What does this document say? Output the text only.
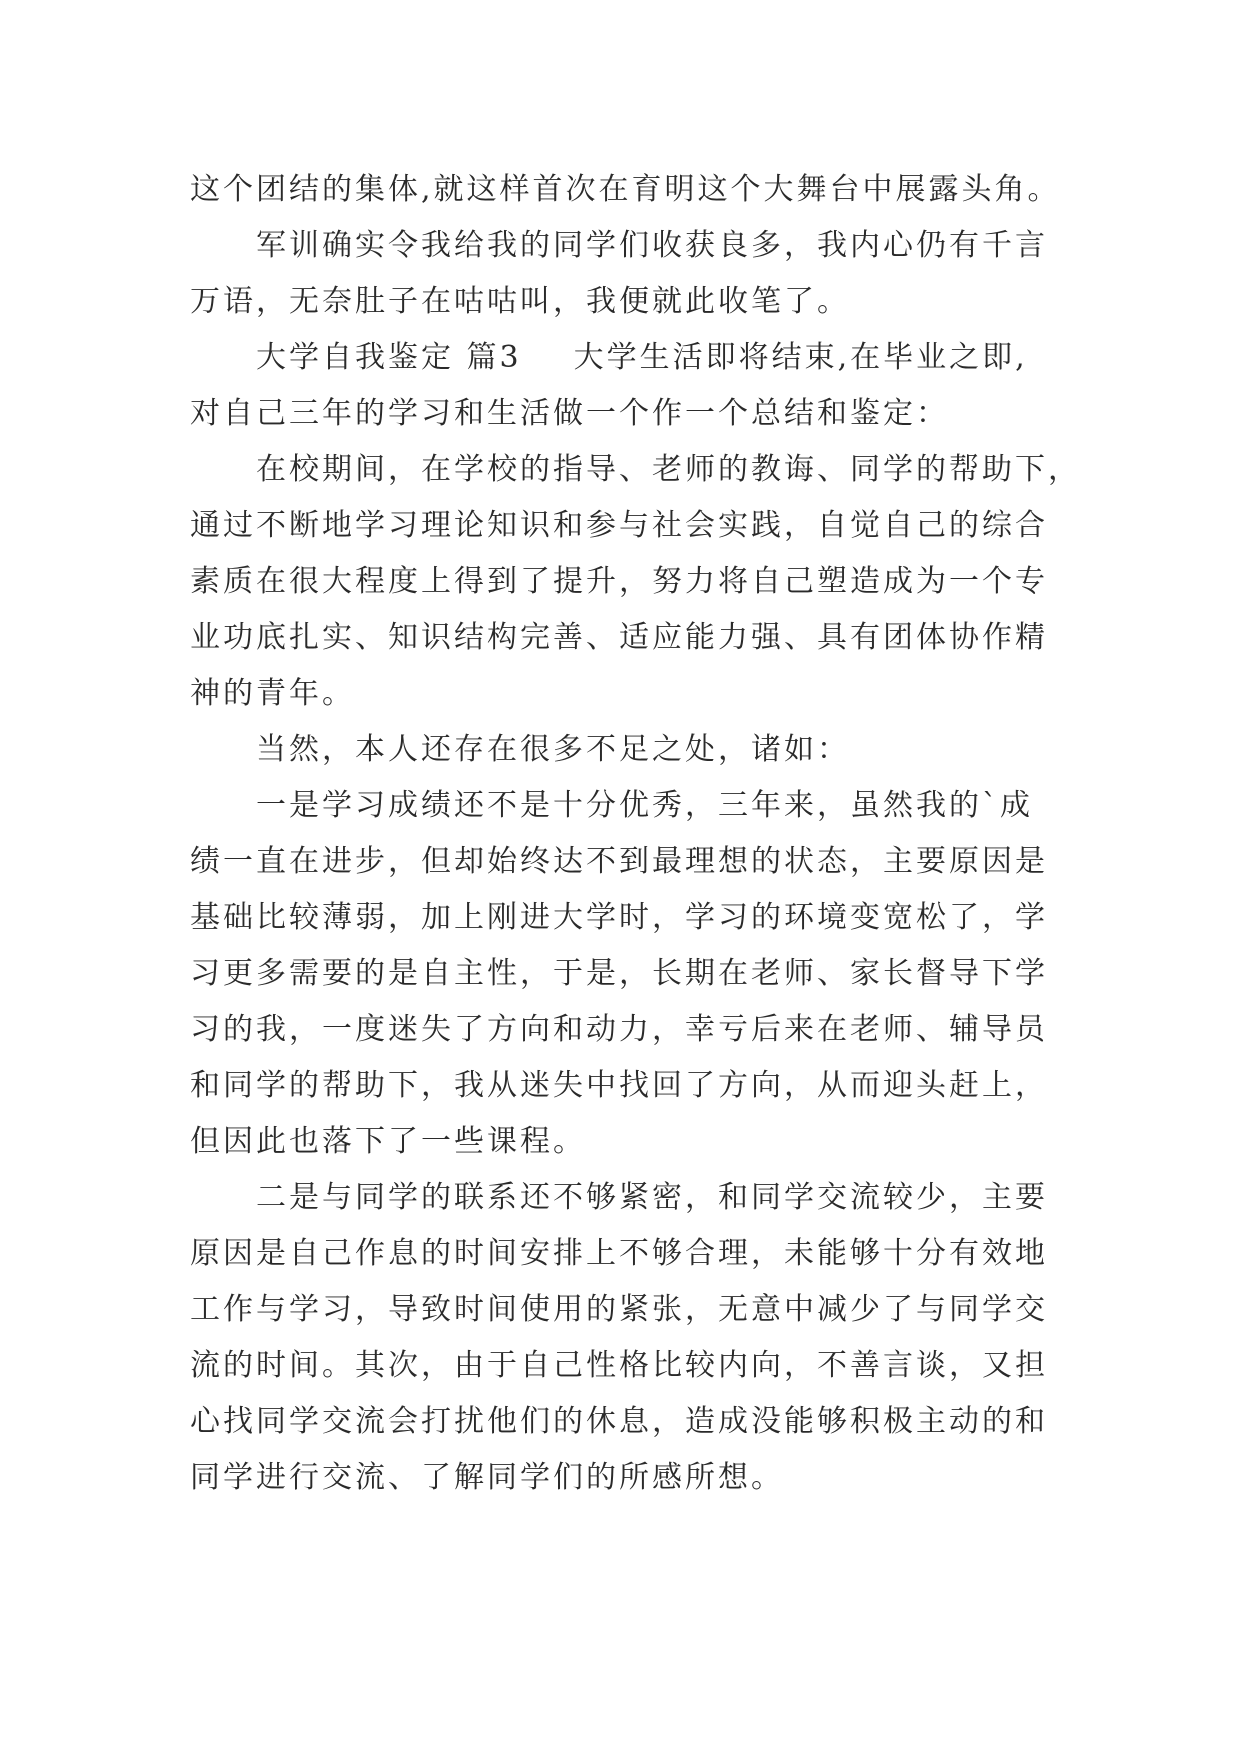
这个团结的集体,就这样首次在育明这个大舞台中展露头角。
军训确实令我给我的同学们收获良多，我内心仍有千言
万语，无奈肚子在咕咕叫，我便就此收笔了。
大学自我鉴定 篇3 大学生活即将结束,在毕业之即,
对自己三年的学习和生活做一个作一个总结和鉴定：
在校期间，在学校的指导、老师的教诲、同学的帮助下，
通过不断地学习理论知识和参与社会实践，自觉自己的综合
素质在很大程度上得到了提升，努力将自己塑造成为一个专
业功底扎实、知识结构完善、适应能力强、具有团体协作精
神的青年。
当然，本人还存在很多不足之处，诸如：
一是学习成绩还不是十分优秀，三年来，虽然我的`成
绩一直在进步，但却始终达不到最理想的状态，主要原因是
基础比较薄弱，加上刚进大学时，学习的环境变宽松了，学
习更多需要的是自主性，于是，长期在老师、家长督导下学
习的我，一度迷失了方向和动力，幸亏后来在老师、辅导员
和同学的帮助下，我从迷失中找回了方向，从而迎头赶上，
但因此也落下了一些课程。
二是与同学的联系还不够紧密，和同学交流较少，主要
原因是自己作息的时间安排上不够合理，未能够十分有效地
工作与学习，导致时间使用的紧张，无意中减少了与同学交
流的时间。其次，由于自己性格比较内向，不善言谈，又担
心找同学交流会打扰他们的休息，造成没能够积极主动的和
同学进行交流、了解同学们的所感所想。
